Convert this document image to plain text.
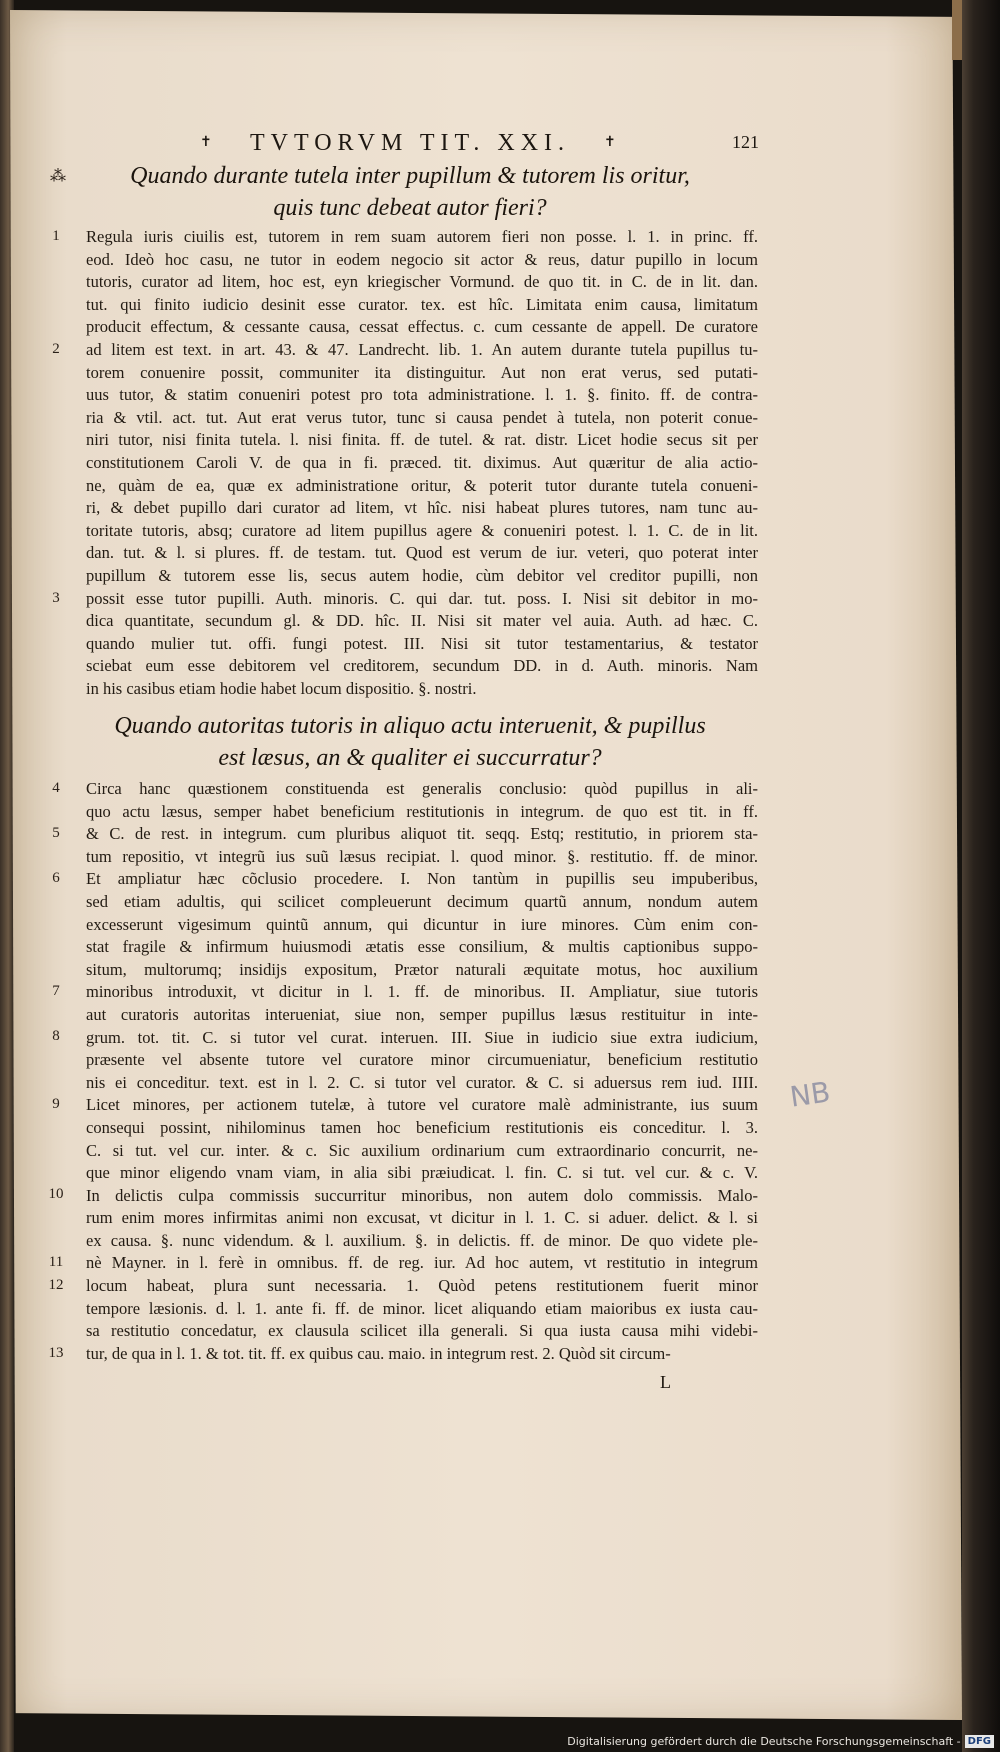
✝	TVTORVM TIT. XXI.	✝	121
⁂	Quando durante tutela inter pupillum & tutorem lis oritur,
quis tunc debeat autor fieri?
Regula iuris ciuilis est, tutorem in rem suam autorem fieri non posse. l. 1. in princ. ff.
eod. Ideò hoc casu, ne tutor in eodem negocio sit actor & reus, datur pupillo in locum
tutoris, curator ad litem, hoc est, eyn kriegischer Vormund. de quo tit. in C. de in lit. dan.
tut. qui finito iudicio desinit esse curator. tex. est hîc. Limitata enim causa, limitatum
producit effectum, & cessante causa, cessat effectus. c. cum cessante de appell. De curatore
ad litem est text. in art. 43. & 47. Landrecht. lib. 1. An autem durante tutela pupillus tu-
torem conuenire possit, communiter ita distinguitur. Aut non erat verus, sed putati-
uus tutor, & statim conueniri potest pro tota administratione. l. 1. §. finito. ff. de contra-
ria & vtil. act. tut. Aut erat verus tutor, tunc si causa pendet à tutela, non poterit conue-
niri tutor, nisi finita tutela. l. nisi finita. ff. de tutel. & rat. distr. Licet hodie secus sit per
constitutionem Caroli V. de qua in fi. præced. tit. diximus. Aut quæritur de alia actio-
ne, quàm de ea, quæ ex administratione oritur, & poterit tutor durante tutela conueni-
ri, & debet pupillo dari curator ad litem, vt hîc. nisi habeat plures tutores, nam tunc au-
toritate tutoris, absq; curatore ad litem pupillus agere & conueniri potest. l. 1. C. de in lit.
dan. tut. & l. si plures. ff. de testam. tut. Quod est verum de iur. veteri, quo poterat inter
pupillum & tutorem esse lis, secus autem hodie, cùm debitor vel creditor pupilli, non
possit esse tutor pupilli. Auth. minoris. C. qui dar. tut. poss. I. Nisi sit debitor in mo-
dica quantitate, secundum gl. & DD. hîc. II. Nisi sit mater vel auia. Auth. ad hæc. C.
quando mulier tut. offi. fungi potest. III. Nisi sit tutor testamentarius, & testator
sciebat eum esse debitorem vel creditorem, secundum DD. in d. Auth. minoris. Nam
in his casibus etiam hodie habet locum dispositio. §. nostri.
Quando autoritas tutoris in aliquo actu interuenit, & pupillus
est læsus, an & qualiter ei succurratur?
Circa hanc quæstionem constituenda est generalis conclusio: quòd pupillus in ali-
quo actu læsus, semper habet beneficium restitutionis in integrum. de quo est tit. in ff.
& C. de rest. in integrum. cum pluribus aliquot tit. seqq. Estq; restitutio, in priorem sta-
tum repositio, vt integrũ ius suũ læsus recipiat. l. quod minor. §. restitutio. ff. de minor.
Et ampliatur hæc cõclusio procedere. I. Non tantùm in pupillis seu impuberibus,
sed etiam adultis, qui scilicet compleuerunt decimum quartũ annum, nondum autem
excesserunt vigesimum quintũ annum, qui dicuntur in iure minores. Cùm enim con-
stat fragile & infirmum huiusmodi ætatis esse consilium, & multis captionibus suppo-
situm, multorumq; insidijs expositum, Prætor naturali æquitate motus, hoc auxilium
minoribus introduxit, vt dicitur in l. 1. ff. de minoribus. II. Ampliatur, siue tutoris
aut curatoris autoritas interueniat, siue non, semper pupillus læsus restituitur in inte-
grum. tot. tit. C. si tutor vel curat. interuen. III. Siue in iudicio siue extra iudicium,
præsente vel absente tutore vel curatore minor circumueniatur, beneficium restitutio
nis ei conceditur. text. est in l. 2. C. si tutor vel curator. & C. si aduersus rem iud. IIII.
Licet minores, per actionem tutelæ, à tutore vel curatore malè administrante, ius suum
consequi possint, nihilominus tamen hoc beneficium restitutionis eis conceditur. l. 3.
C. si tut. vel cur. inter. & c. Sic auxilium ordinarium cum extraordinario concurrit, ne-
que minor eligendo vnam viam, in alia sibi præiudicat. l. fin. C. si tut. vel cur. & c. V.
In delictis culpa commissis succurritur minoribus, non autem dolo commissis. Malo-
rum enim mores infirmitas animi non excusat, vt dicitur in l. 1. C. si aduer. delict. & l. si
ex causa. §. nunc videndum. & l. auxilium. §. in delictis. ff. de minor. De quo videte ple-
nè Mayner. in l. ferè in omnibus. ff. de reg. iur. Ad hoc autem, vt restitutio in integrum
locum habeat, plura sunt necessaria. 1. Quòd petens restitutionem fuerit minor
tempore læsionis. d. l. 1. ante fi. ff. de minor. licet aliquando etiam maioribus ex iusta cau-
sa restitutio concedatur, ex clausula scilicet illa generali. Si qua iusta causa mihi videbi-
tur, de qua in l. 1. & tot. tit. ff. ex quibus cau. maio. in integrum rest. 2. Quòd sit circum-
1
2
3
4
5
6
7
8
9
10
11
12
13
L
NB
Digitalisierung gefördert durch die Deutsche Forschungsgemeinschaft - DFG
